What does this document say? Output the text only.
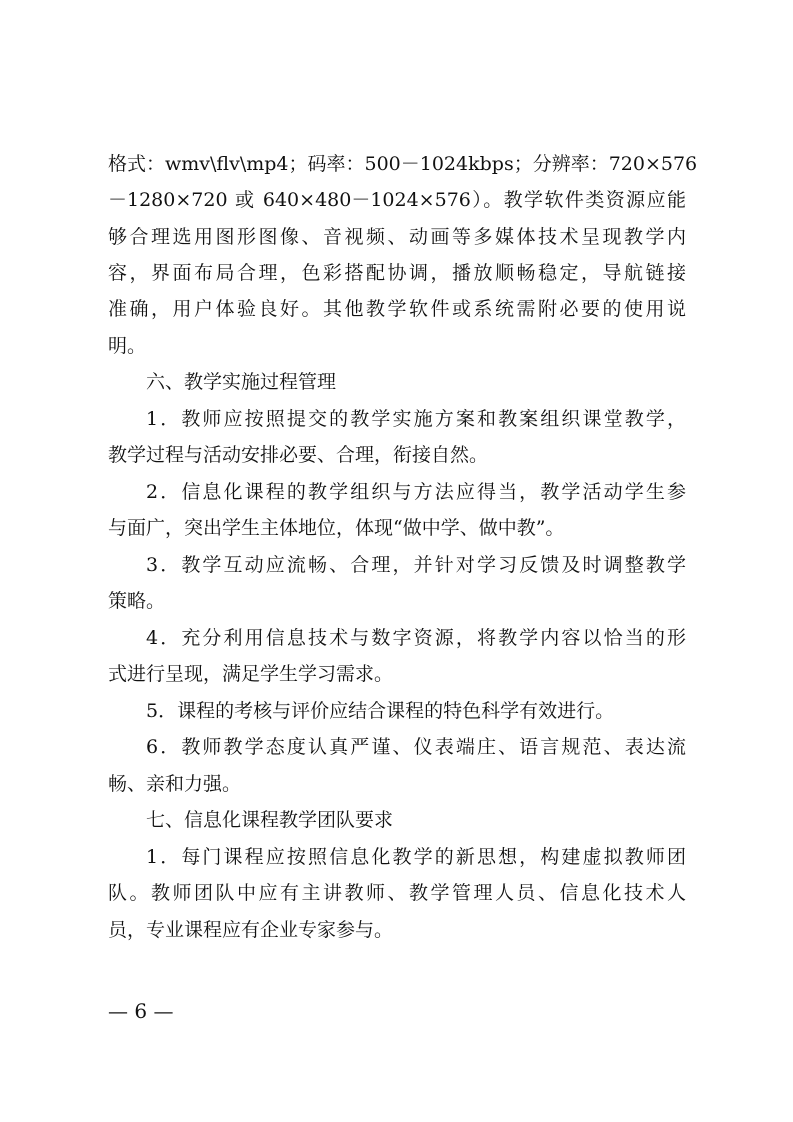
格式：wmv\flv\mp4；码率：500－1024kbps；分辨率：720×576
－1280×720 或 640×480－1024×576）。教学软件类资源应能
够合理选用图形图像、音视频、动画等多媒体技术呈现教学内
容，界面布局合理，色彩搭配协调，播放顺畅稳定，导航链接
准确，用户体验良好。其他教学软件或系统需附必要的使用说
明。
六、教学实施过程管理
1．教师应按照提交的教学实施方案和教案组织课堂教学，
教学过程与活动安排必要、合理，衔接自然。
2．信息化课程的教学组织与方法应得当，教学活动学生参
与面广，突出学生主体地位，体现“做中学、做中教”。
3．教学互动应流畅、合理，并针对学习反馈及时调整教学
策略。
4．充分利用信息技术与数字资源，将教学内容以恰当的形
式进行呈现，满足学生学习需求。
5．课程的考核与评价应结合课程的特色科学有效进行。
6．教师教学态度认真严谨、仪表端庄、语言规范、表达流
畅、亲和力强。
七、信息化课程教学团队要求
1．每门课程应按照信息化教学的新思想，构建虚拟教师团
队。教师团队中应有主讲教师、教学管理人员、信息化技术人
员，专业课程应有企业专家参与。
— 6 —
